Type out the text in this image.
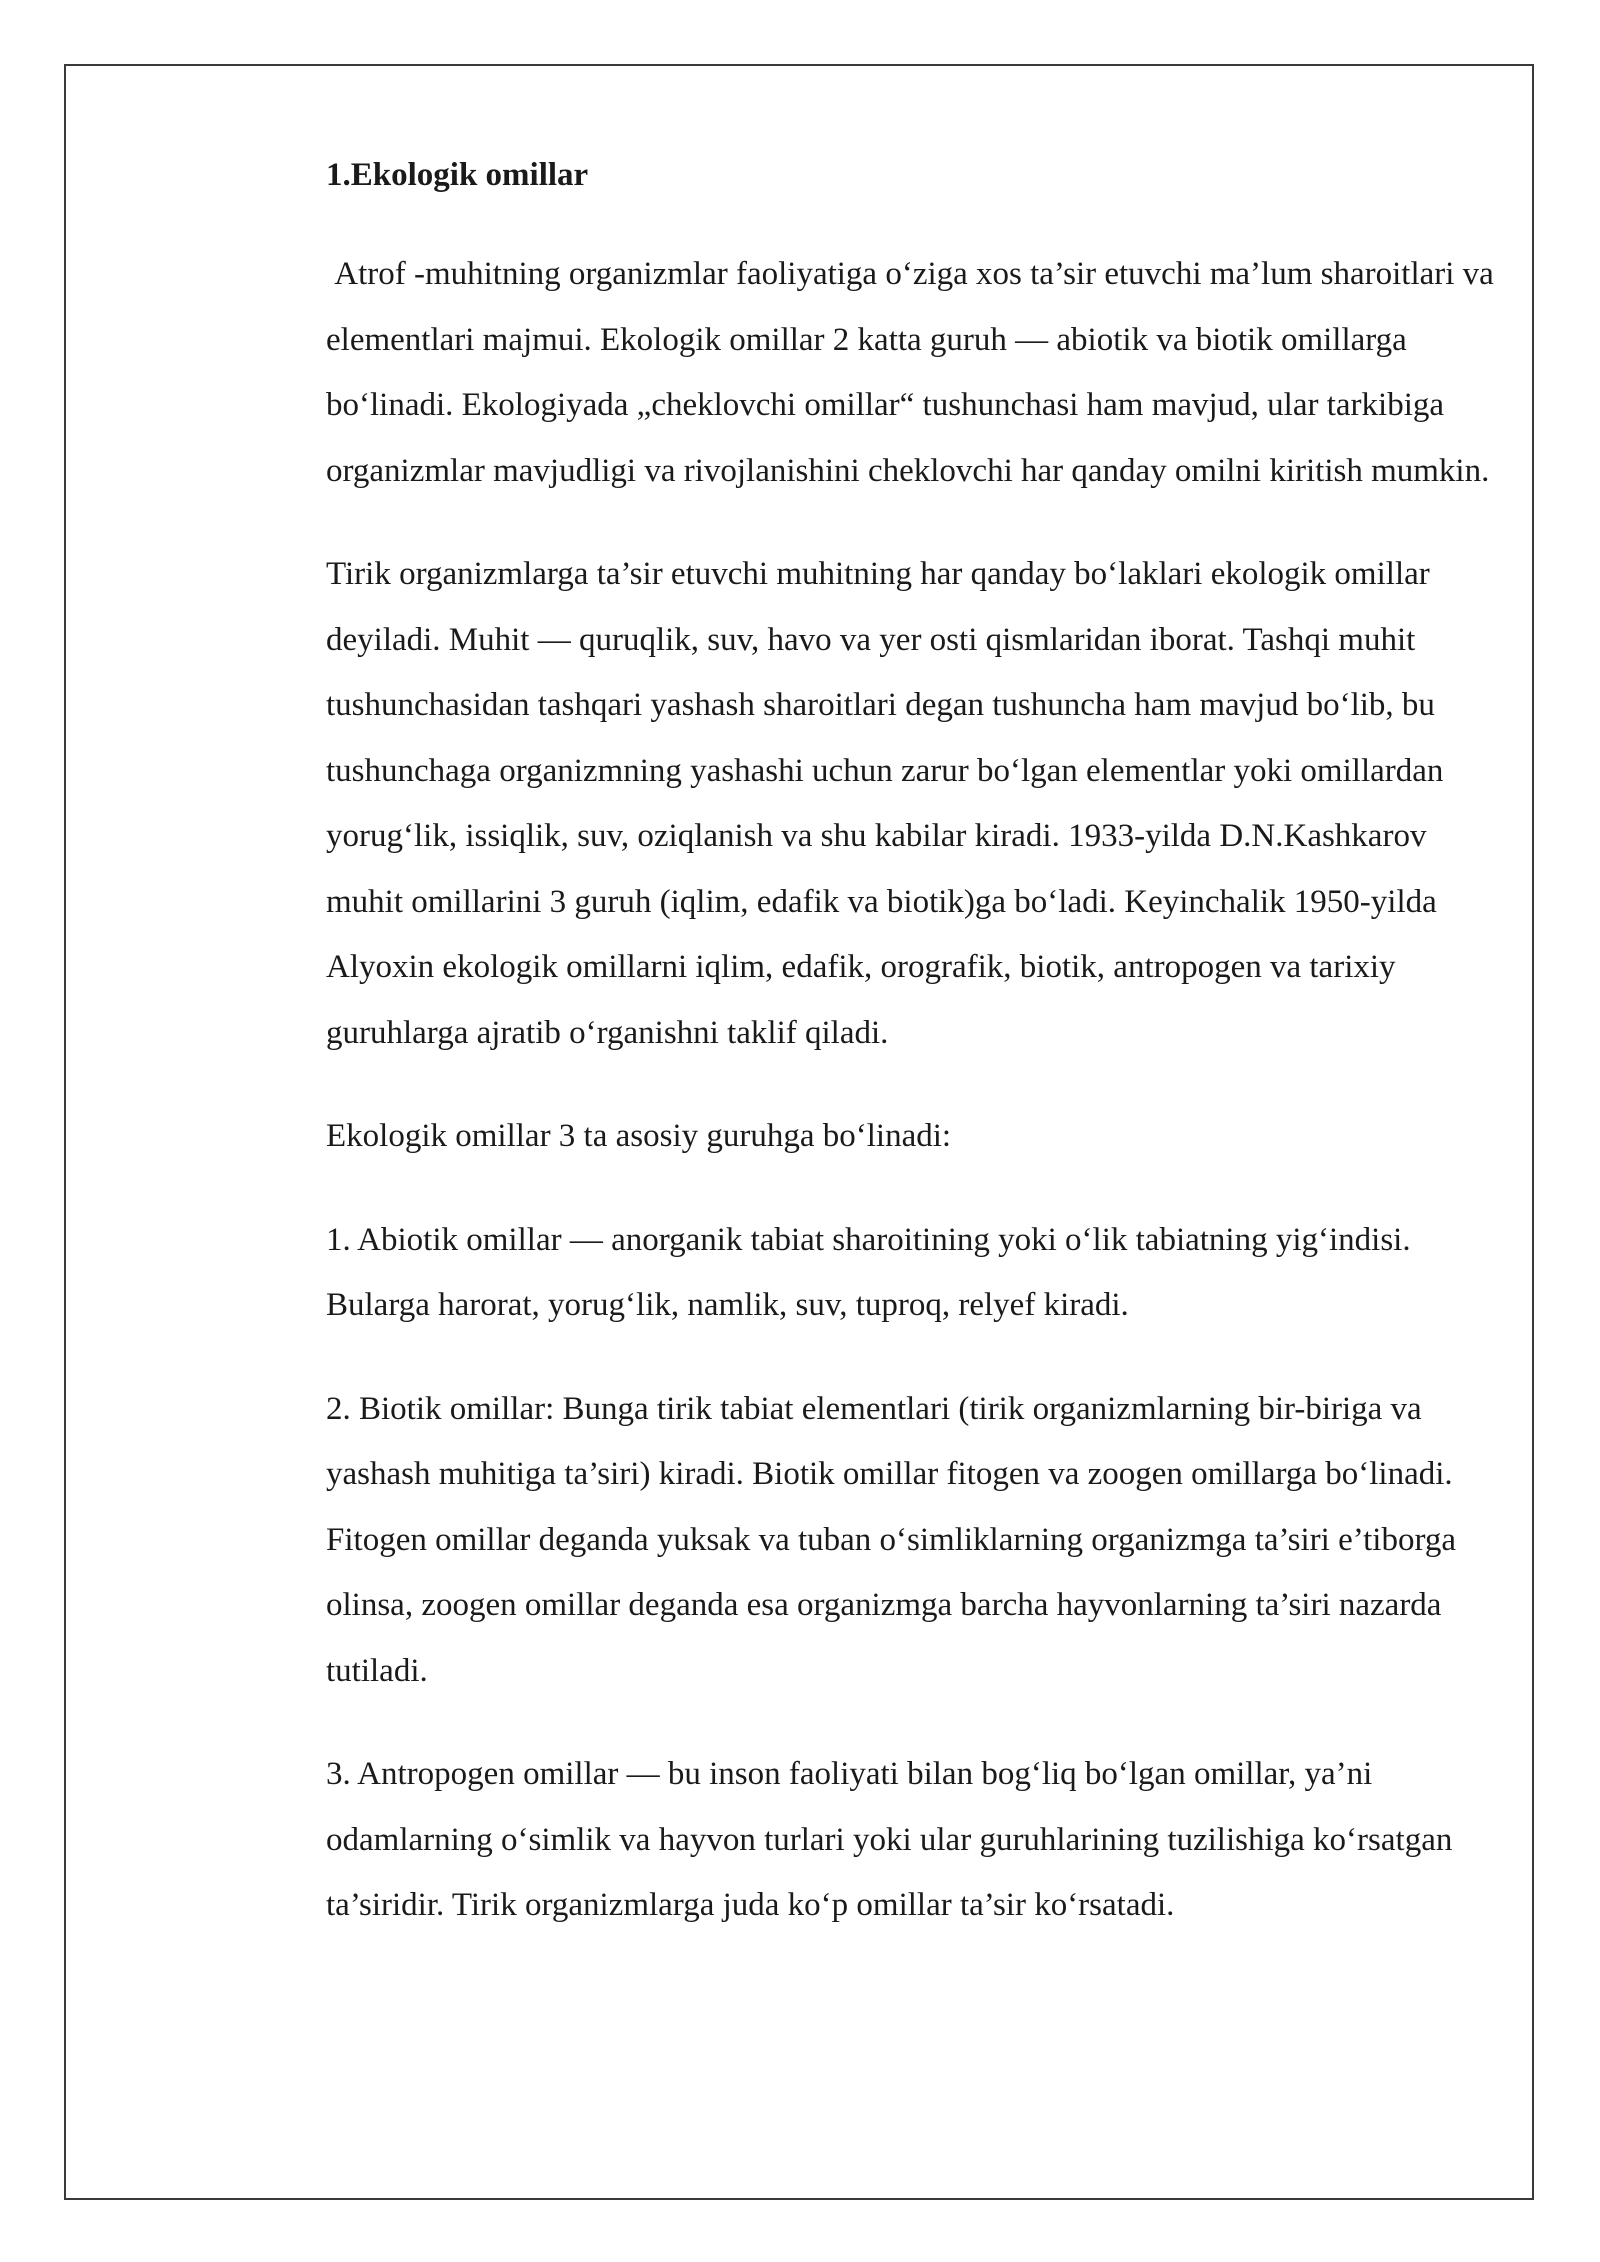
1.Ekologik omillar

Atrof -muhitning organizmlar faoliyatiga oʻziga xos ta’sir etuvchi ma’lum sharoitlari va elementlari majmui. Ekologik omillar 2 katta guruh — abiotik va biotik omillarga boʻlinadi. Ekologiyada „cheklovchi omillar“ tushunchasi ham mavjud, ular tarkibiga organizmlar mavjudligi va rivojlanishini cheklovchi har qanday omilni kiritish mumkin.

Tirik organizmlarga ta’sir etuvchi muhitning har qanday boʻlaklari ekologik omillar deyiladi. Muhit — quruqlik, suv, havo va yer osti qismlaridan iborat. Tashqi muhit tushunchasidan tashqari yashash sharoitlari degan tushuncha ham mavjud boʻlib, bu tushunchaga organizmning yashashi uchun zarur boʻlgan elementlar yoki omillardan yorugʻlik, issiqlik, suv, oziqlanish va shu kabilar kiradi. 1933-yilda D.N.Kashkarov muhit omillarini 3 guruh (iqlim, edafik va biotik)ga boʻladi. Keyinchalik 1950-yilda Alyoxin ekologik omillarni iqlim, edafik, orografik, biotik, antropogen va tarixiy guruhlarga ajratib oʻrganishni taklif qiladi.

Ekologik omillar 3 ta asosiy guruhga boʻlinadi:

1. Abiotik omillar — anorganik tabiat sharoitining yoki oʻlik tabiatning yigʻindisi. Bularga harorat, yorugʻlik, namlik, suv, tuproq, relyef kiradi.

2. Biotik omillar: Bunga tirik tabiat elementlari (tirik organizmlarning bir-biriga va yashash muhitiga ta’siri) kiradi. Biotik omillar fitogen va zoogen omillarga boʻlinadi. Fitogen omillar deganda yuksak va tuban oʻsimliklarning organizmga ta’siri e’tiborga olinsa, zoogen omillar deganda esa organizmga barcha hayvonlarning ta’siri nazarda tutiladi.

3. Antropogen omillar — bu inson faoliyati bilan bogʻliq boʻlgan omillar, ya’ni odamlarning oʻsimlik va hayvon turlari yoki ular guruhlarining tuzilishiga koʻrsatgan ta’siridir. Tirik organizmlarga juda koʻp omillar ta’sir koʻrsatadi.
